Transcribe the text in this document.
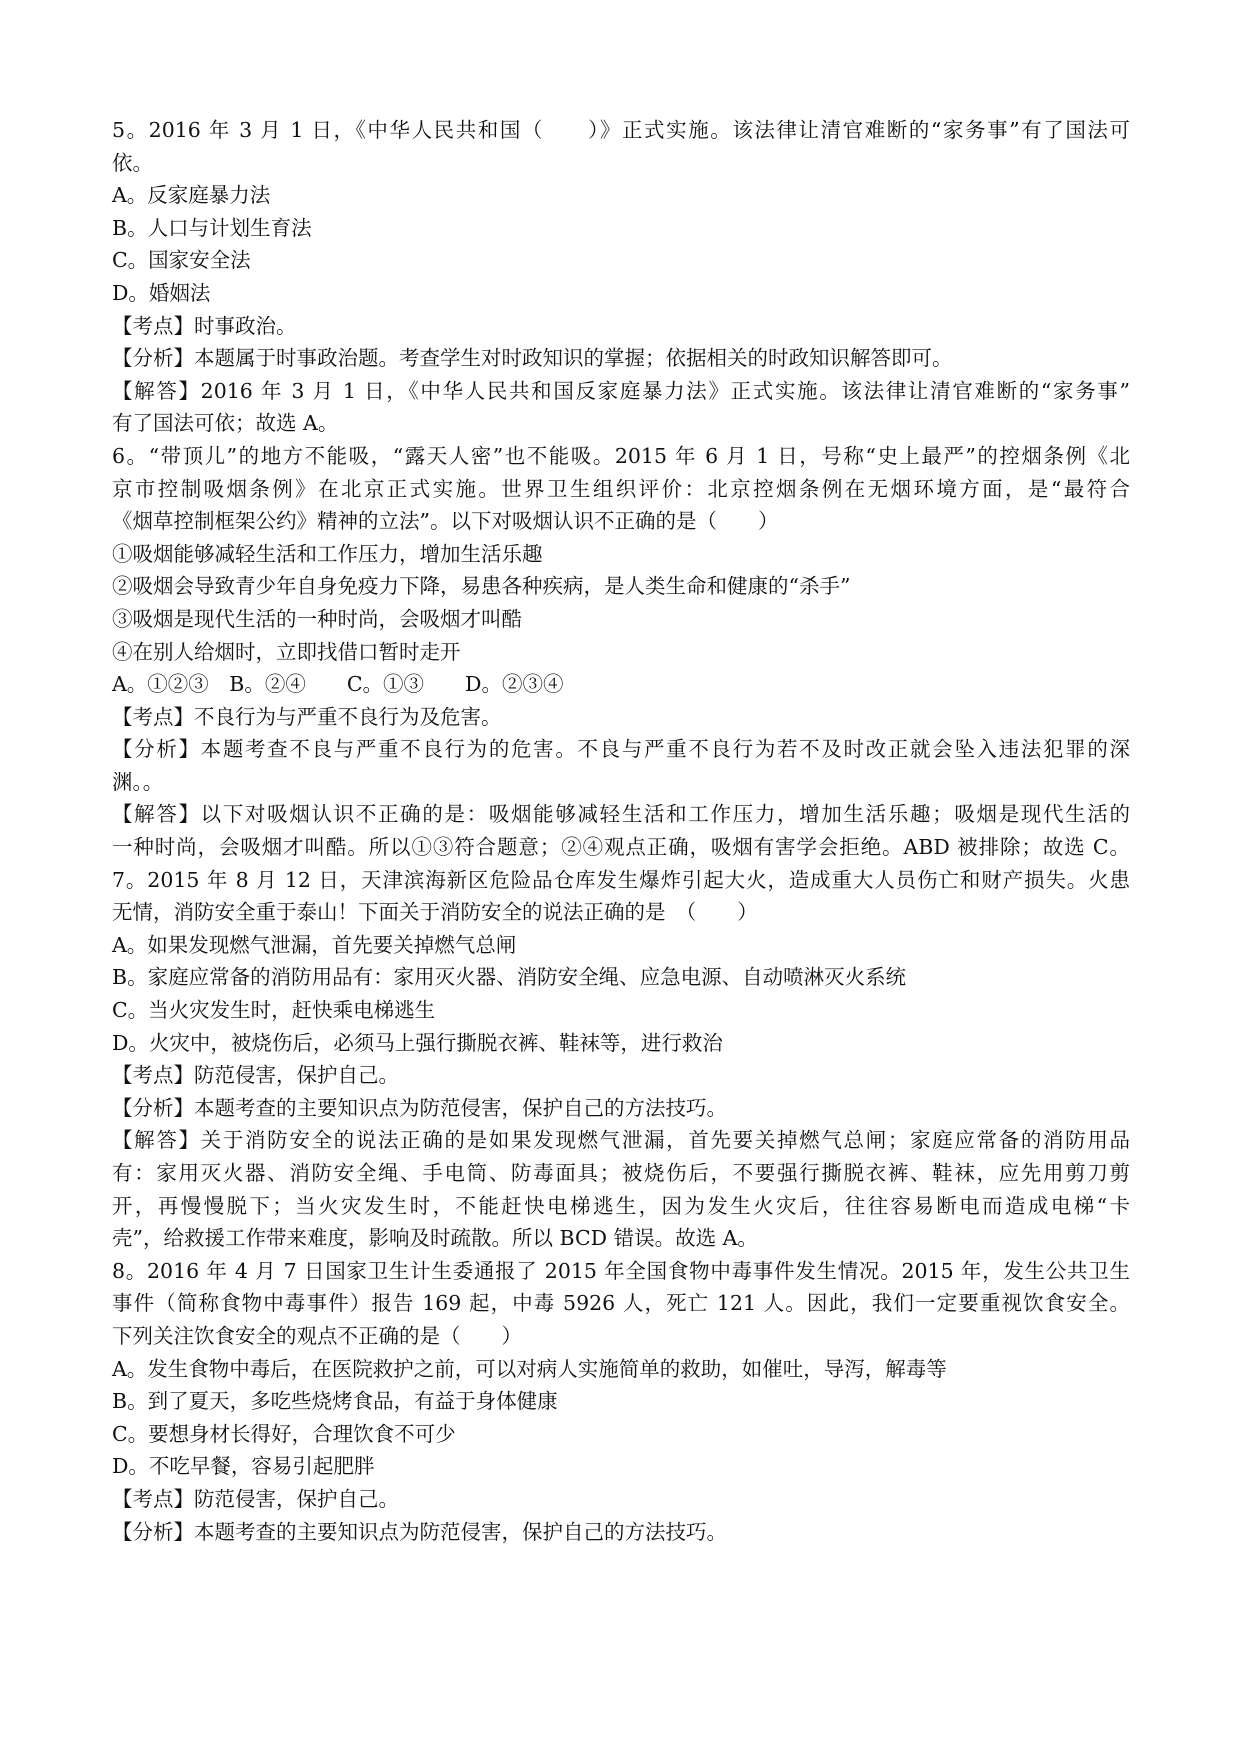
5。2016 年 3 月 1 日，《中华人民共和国（　　）》正式实施。该法律让清官难断的“家务事”有了国法可
依。
A。反家庭暴力法
B。人口与计划生育法
C。国家安全法
D。婚姻法
【考点】时事政治。
【分析】本题属于时事政治题。考查学生对时政知识的掌握；依据相关的时政知识解答即可。
【解答】2016 年 3 月 1 日，《中华人民共和国反家庭暴力法》正式实施。该法律让清官难断的“家务事”
有了国法可依；故选 A。
6。“带顶儿”的地方不能吸，“露天人密”也不能吸。2015 年 6 月 1 日，号称“史上最严”的控烟条例《北
京市控制吸烟条例》在北京正式实施。世界卫生组织评价：北京控烟条例在无烟环境方面，是“最符合
《烟草控制框架公约》精神的立法”。以下对吸烟认识不正确的是（　　）
①吸烟能够减轻生活和工作压力，增加生活乐趣
②吸烟会导致青少年自身免疫力下降，易患各种疾病，是人类生命和健康的“杀手”
③吸烟是现代生活的一种时尚，会吸烟才叫酷
④在别人给烟时，立即找借口暂时走开
A。①②③　B。②④　　C。①③　　D。②③④
【考点】不良行为与严重不良行为及危害。
【分析】本题考查不良与严重不良行为的危害。不良与严重不良行为若不及时改正就会坠入违法犯罪的深
渊。。
【解答】以下对吸烟认识不正确的是：吸烟能够减轻生活和工作压力，增加生活乐趣；吸烟是现代生活的
一种时尚，会吸烟才叫酷。所以①③符合题意；②④观点正确，吸烟有害学会拒绝。ABD 被排除；故选 C。
7。2015 年 8 月 12 日，天津滨海新区危险品仓库发生爆炸引起大火，造成重大人员伤亡和财产损失。火患
无情，消防安全重于泰山！下面关于消防安全的说法正确的是　（　　）
A。如果发现燃气泄漏，首先要关掉燃气总闸
B。家庭应常备的消防用品有：家用灭火器、消防安全绳、应急电源、自动喷淋灭火系统
C。当火灾发生时，赶快乘电梯逃生
D。火灾中，被烧伤后，必须马上强行撕脱衣裤、鞋袜等，进行救治
【考点】防范侵害，保护自己。
【分析】本题考查的主要知识点为防范侵害，保护自己的方法技巧。
【解答】关于消防安全的说法正确的是如果发现燃气泄漏，首先要关掉燃气总闸；家庭应常备的消防用品
有：家用灭火器、消防安全绳、手电筒、防毒面具；被烧伤后，不要强行撕脱衣裤、鞋袜，应先用剪刀剪
开，再慢慢脱下；当火灾发生时，不能赶快电梯逃生，因为发生火灾后，往往容易断电而造成电梯“卡
壳”，给救援工作带来难度，影响及时疏散。所以 BCD 错误。故选 A。
8。2016 年 4 月 7 日国家卫生计生委通报了 2015 年全国食物中毒事件发生情况。2015 年，发生公共卫生
事件（简称食物中毒事件）报告 169 起，中毒 5926 人，死亡 121 人。因此，我们一定要重视饮食安全。
下列关注饮食安全的观点不正确的是（　　）
A。发生食物中毒后，在医院救护之前，可以对病人实施简单的救助，如催吐，导泻，解毒等
B。到了夏天，多吃些烧烤食品，有益于身体健康
C。要想身材长得好，合理饮食不可少
D。不吃早餐，容易引起肥胖
【考点】防范侵害，保护自己。
【分析】本题考查的主要知识点为防范侵害，保护自己的方法技巧。
